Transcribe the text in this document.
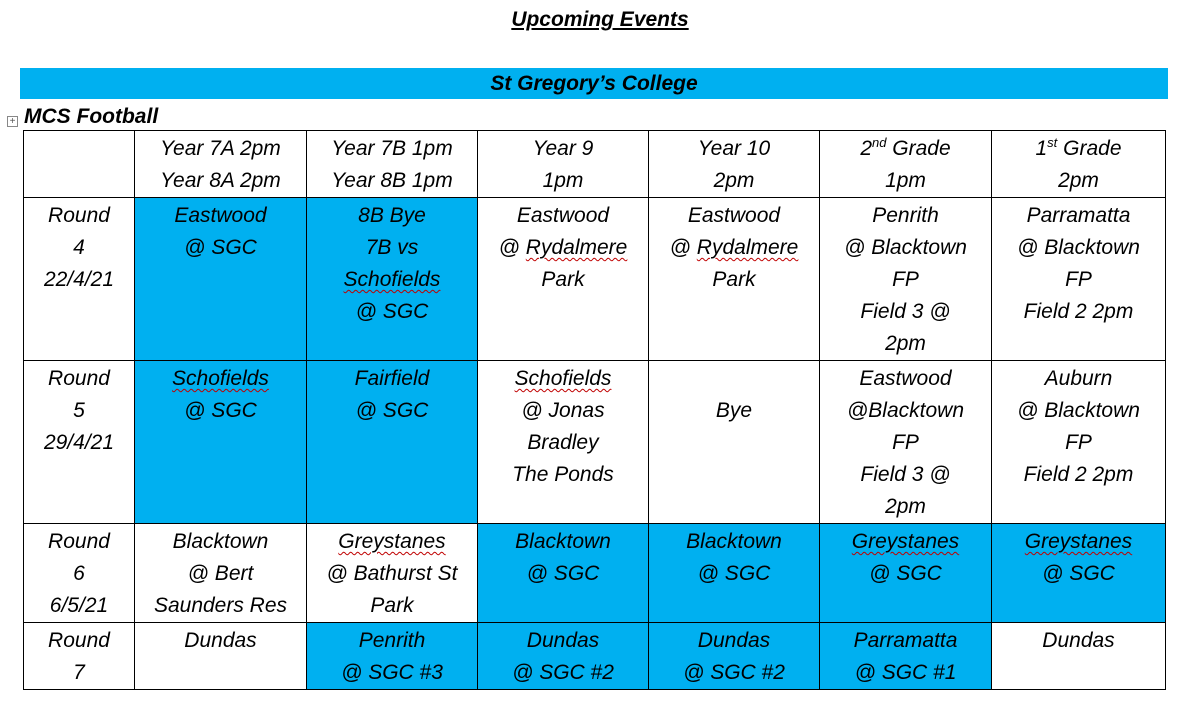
Upcoming Events
St Gregory’s College
+ MCS Football

	Year 7A 2pm
Year 8A 2pm	Year 7B 1pm
Year 8B 1pm	Year 9
1pm	Year 10
2pm	2nd Grade
1pm	1st Grade
2pm

Round
4
22/4/21	Eastwood
@ SGC	8B Bye
7B vs
Schofields
@ SGC	Eastwood
@ Rydalmere
Park	Eastwood
@ Rydalmere
Park	Penrith
@ Blacktown
FP
Field 3 @
2pm	Parramatta
@ Blacktown
FP
Field 2 2pm

Round
5
29/4/21	Schofields
@ SGC	Fairfield
@ SGC	Schofields
@ Jonas
Bradley
The Ponds	Bye	Eastwood
@Blacktown
FP
Field 3 @
2pm	Auburn
@ Blacktown
FP
Field 2 2pm

Round
6
6/5/21	Blacktown
@ Bert
Saunders Res	Greystanes
@ Bathurst St
Park	Blacktown
@ SGC	Blacktown
@ SGC	Greystanes
@ SGC	Greystanes
@ SGC

Round
7	Dundas	Penrith
@ SGC #3	Dundas
@ SGC #2	Dundas
@ SGC #2	Parramatta
@ SGC #1	Dundas
